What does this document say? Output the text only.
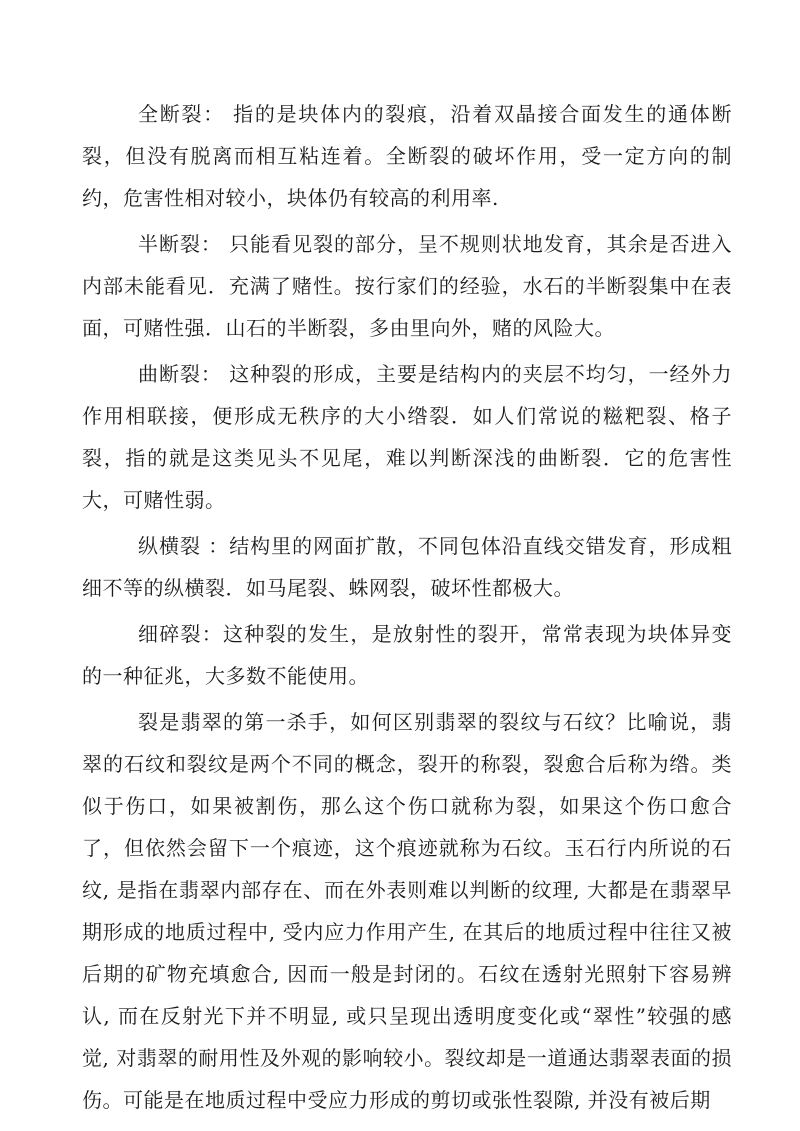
全断裂： 指的是块体内的裂痕，沿着双晶接合面发生的通体断裂，但没有脱离而相互粘连着。全断裂的破坏作用，受一定方向的制约，危害性相对较小，块体仍有较高的利用率.

半断裂： 只能看见裂的部分，呈不规则状地发育，其余是否进入内部未能看见．充满了赌性。按行家们的经验，水石的半断裂集中在表面，可赌性强．山石的半断裂，多由里向外，赌的风险大。

曲断裂： 这种裂的形成，主要是结构内的夹层不均匀，一经外力作用相联接，便形成无秩序的大小绺裂．如人们常说的糍粑裂、格子裂，指的就是这类见头不见尾，难以判断深浅的曲断裂．它的危害性大，可赌性弱。

纵横裂 ：结构里的网面扩散，不同包体沿直线交错发育，形成粗细不等的纵横裂．如马尾裂、蛛网裂，破坏性都极大。

细碎裂：这种裂的发生，是放射性的裂开，常常表现为块体异变的一种征兆，大多数不能使用。

裂是翡翠的第一杀手，如何区别翡翠的裂纹与石纹？比喻说，翡翠的石纹和裂纹是两个不同的概念，裂开的称裂，裂愈合后称为绺。类似于伤口，如果被割伤，那么这个伤口就称为裂，如果这个伤口愈合了，但依然会留下一个痕迹，这个痕迹就称为石纹。玉石行内所说的石纹, 是指在翡翠内部存在、而在外表则难以判断的纹理, 大都是在翡翠早期形成的地质过程中, 受内应力作用产生, 在其后的地质过程中往往又被后期的矿物充填愈合, 因而一般是封闭的。石纹在透射光照射下容易辨认, 而在反射光下并不明显, 或只呈现出透明度变化或“翠性”较强的感觉, 对翡翠的耐用性及外观的影响较小。裂纹却是一道通达翡翠表面的损伤。可能是在地质过程中受应力形成的剪切或张性裂隙, 并没有被后期
